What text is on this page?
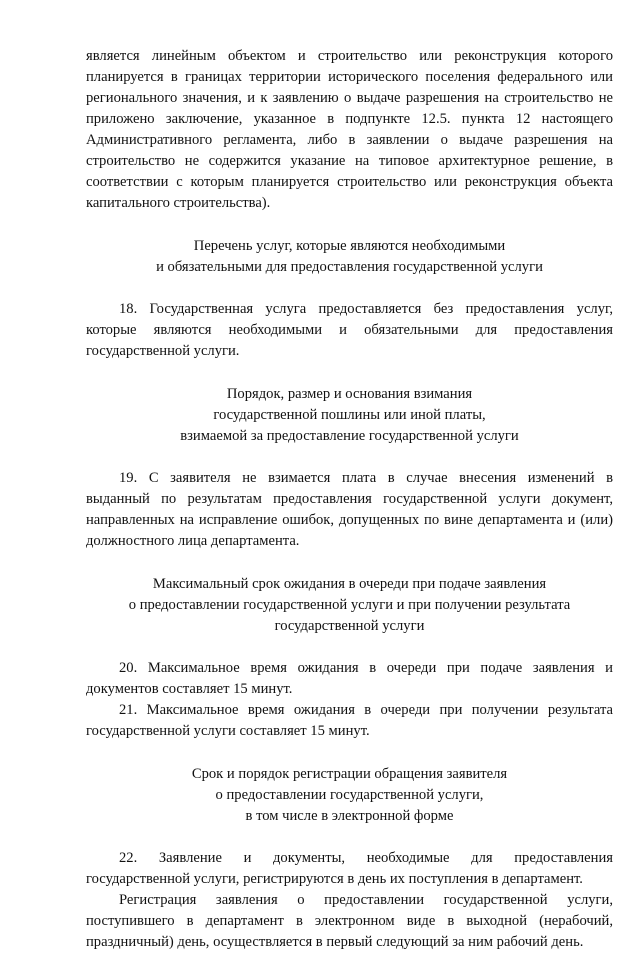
является линейным объектом и строительство или реконструкция которого
планируется в границах территории исторического поселения федерального или
регионального значения, и к заявлению о выдаче разрешения на строительство не
приложено заключение, указанное в подпункте 12.5. пункта 12 настоящего
Административного регламента, либо в заявлении о выдаче разрешения на
строительство не содержится указание на типовое архитектурное решение, в
соответствии с которым планируется строительство или реконструкция объекта
капитального строительства).

Перечень услуг, которые являются необходимыми
и обязательными для предоставления государственной услуги

18. Государственная услуга предоставляется без предоставления услуг,
которые являются необходимыми и обязательными для предоставления
государственной услуги.

Порядок, размер и основания взимания
государственной пошлины или иной платы,
взимаемой за предоставление государственной услуги

19. С заявителя не взимается плата в случае внесения изменений в
выданный по результатам предоставления государственной услуги документ,
направленных на исправление ошибок, допущенных по вине департамента и (или)
должностного лица департамента.

Максимальный срок ожидания в очереди при подаче заявления
о предоставлении государственной услуги и при получении результата
государственной услуги

20. Максимальное время ожидания в очереди при подаче заявления и
документов составляет 15 минут.

21. Максимальное время ожидания в очереди при получении результата
государственной услуги составляет 15 минут.

Срок и порядок регистрации обращения заявителя
о предоставлении государственной услуги,
в том числе в электронной форме

22. Заявление и документы, необходимые для предоставления
государственной услуги, регистрируются в день их поступления в департамент.

Регистрация заявления о предоставлении государственной услуги,
поступившего в департамент в электронном виде в выходной (нерабочий,
праздничный) день, осуществляется в первый следующий за ним рабочий день.
